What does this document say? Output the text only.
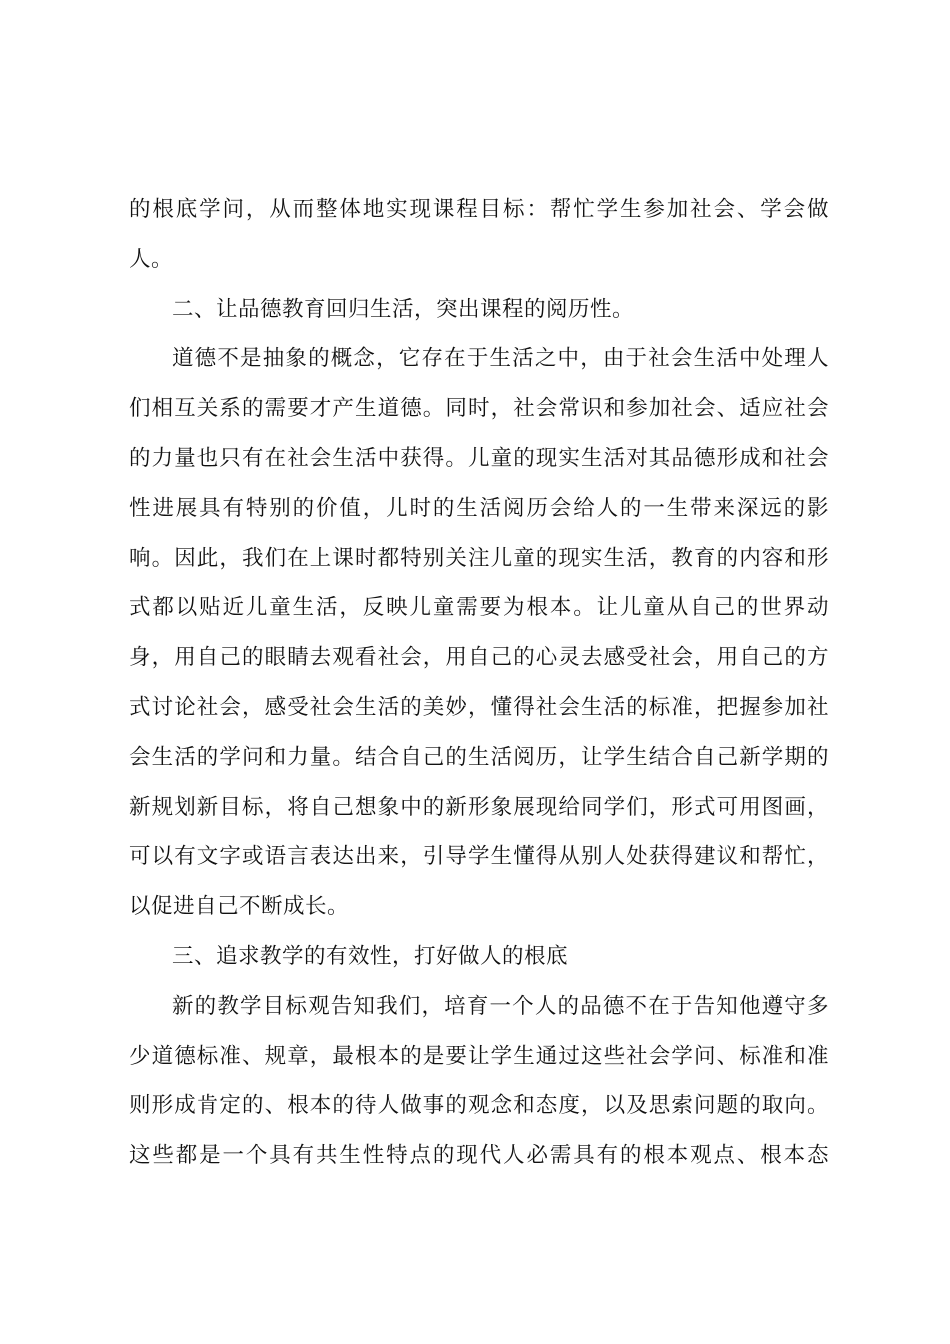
的根底学问，从而整体地实现课程目标：帮忙学生参加社会、学会做
人。
二、让品德教育回归生活，突出课程的阅历性。
道德不是抽象的概念，它存在于生活之中，由于社会生活中处理人
们相互关系的需要才产生道德。同时，社会常识和参加社会、适应社会
的力量也只有在社会生活中获得。儿童的现实生活对其品德形成和社会
性进展具有特别的价值，儿时的生活阅历会给人的一生带来深远的影
响。因此，我们在上课时都特别关注儿童的现实生活，教育的内容和形
式都以贴近儿童生活，反映儿童需要为根本。让儿童从自己的世界动
身，用自己的眼睛去观看社会，用自己的心灵去感受社会，用自己的方
式讨论社会，感受社会生活的美妙，懂得社会生活的标准，把握参加社
会生活的学问和力量。结合自己的生活阅历，让学生结合自己新学期的
新规划新目标，将自己想象中的新形象展现给同学们，形式可用图画，
可以有文字或语言表达出来，引导学生懂得从别人处获得建议和帮忙，
以促进自己不断成长。
三、追求教学的有效性，打好做人的根底
新的教学目标观告知我们，培育一个人的品德不在于告知他遵守多
少道德标准、规章，最根本的是要让学生通过这些社会学问、标准和准
则形成肯定的、根本的待人做事的观念和态度，以及思索问题的取向。
这些都是一个具有共生性特点的现代人必需具有的根本观点、根本态
